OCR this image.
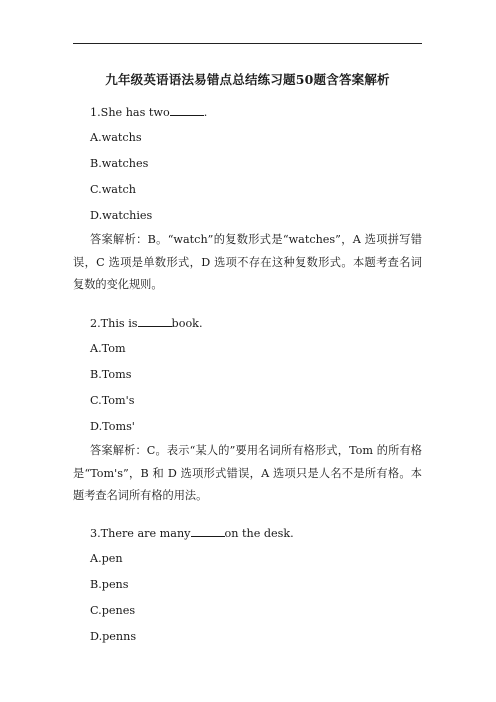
九年级英语语法易错点总结练习题50题含答案解析
1.She has two	.
A.watchs
B.watches
C.watch
D.watchies
答案解析：B。“watch”的复数形式是“watches”，A 选项拼写错误，C 选项是单数形式，D 选项不存在这种复数形式。本题考查名词复数的变化规则。
2.This is	book.
A.Tom
B.Toms
C.Tom's
D.Toms'
答案解析：C。表示“某人的”要用名词所有格形式，Tom 的所有格是“Tom's”，B 和 D 选项形式错误，A 选项只是人名不是所有格。本题考查名词所有格的用法。
3.There are many	on the desk.
A.pen
B.pens
C.penes
D.penns
